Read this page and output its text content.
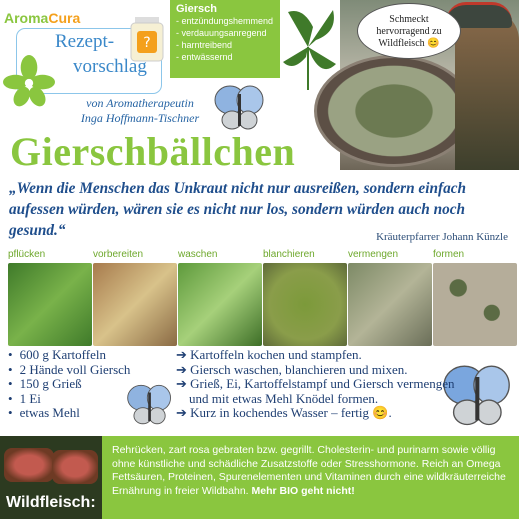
AromaCura
?
Rezept-
vorschlag
von Aromatherapeutin
Inga Hoffmann-Tischner
Giersch
- entzündungshemmend
- verdauungsanregend
- harntreibend
- entwässernd
Schmeckt
hervorragend zu
Wildfleisch 😊
Gierschbällchen
„Wenn die Menschen das Unkraut nicht nur ausreißen, sondern einfach aufessen würden, wären sie es nicht nur los, sondern würden auch noch gesund.“	Kräuterpfarrer Johann Künzle
pflücken	vorbereiten	waschen	blanchieren	vermengen	formen
• 600 g Kartoffeln
• 2 Hände voll Giersch
• 150 g Grieß
• 1 Ei
• etwas Mehl
➔ Kartoffeln kochen und stampfen.
➔ Giersch waschen, blanchieren und mixen.
➔ Grieß, Ei, Kartoffelstampf und Giersch vermengen und mit etwas Mehl Knödel formen.
➔ Kurz in kochendes Wasser – fertig 😊.
Wildfleisch:
Rehrücken, zart rosa gebraten bzw. gegrillt. Cholesterin- und purinarm sowie völlig ohne künstliche und schädliche Zusatzstoffe oder Stresshormone. Reich an Omega Fettsäuren, Proteinen, Spurenelementen und Vitaminen durch eine wildkräuterreiche Ernährung in freier Wildbahn. Mehr BIO geht nicht!
